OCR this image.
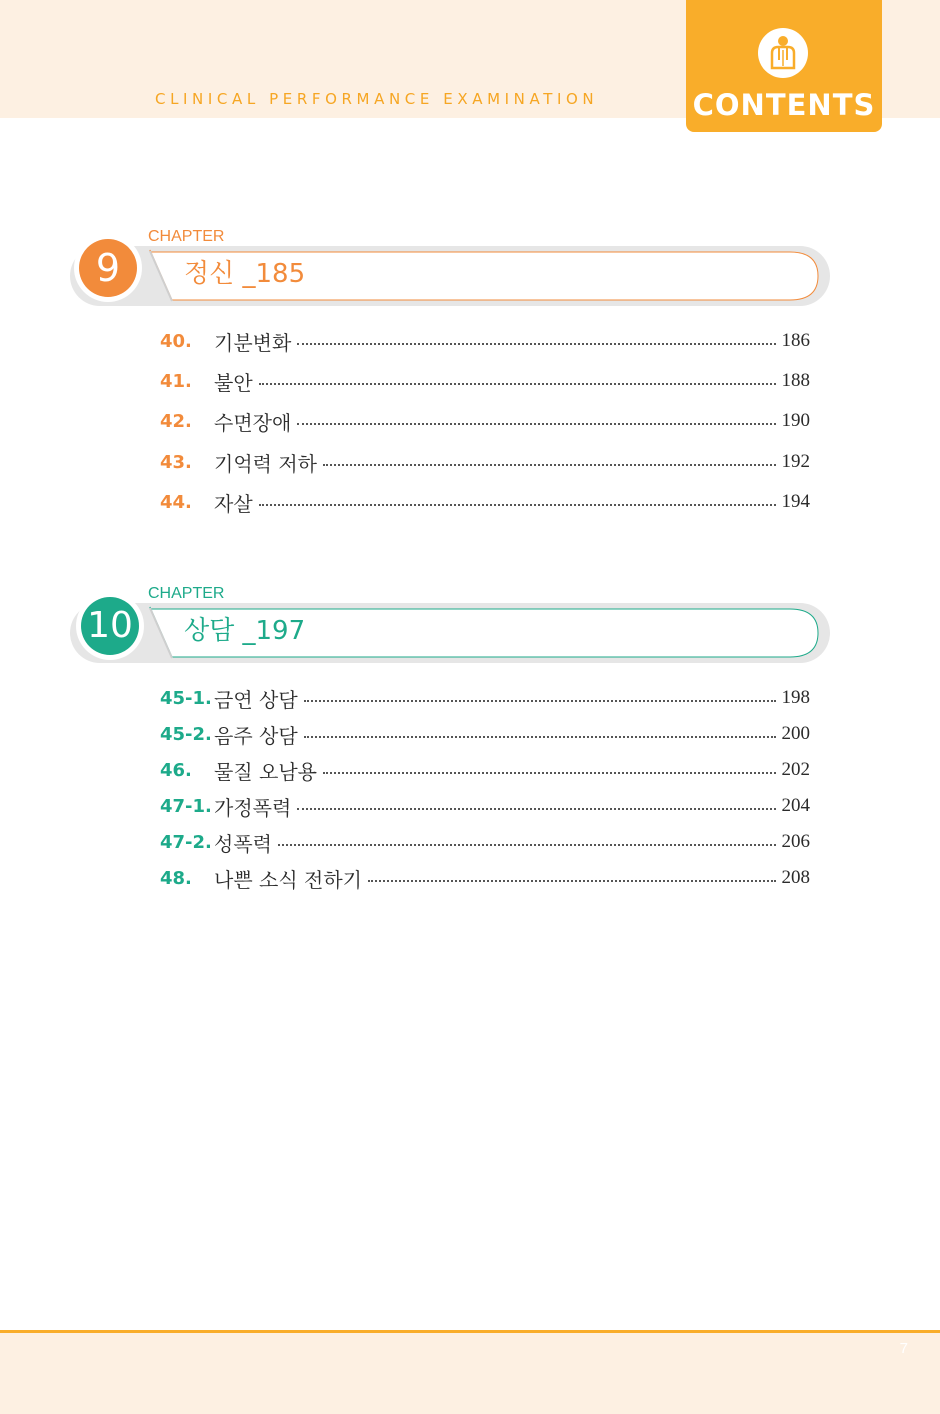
CLINICAL PERFORMANCE EXAMINATION	CONTENTS
CHAPTER
9	정신 _185
40.	기분변화	186
41.	불안	188
42.	수면장애	190
43.	기억력 저하	192
44.	자살	194
CHAPTER
10 상담 _197
45-1. 금연 상담	198
45-2. 음주 상담	200
46.	물질 오남용	202
47-1. 가정폭력	204
47-2. 성폭력	206
48.	나쁜 소식 전하기	208
7
